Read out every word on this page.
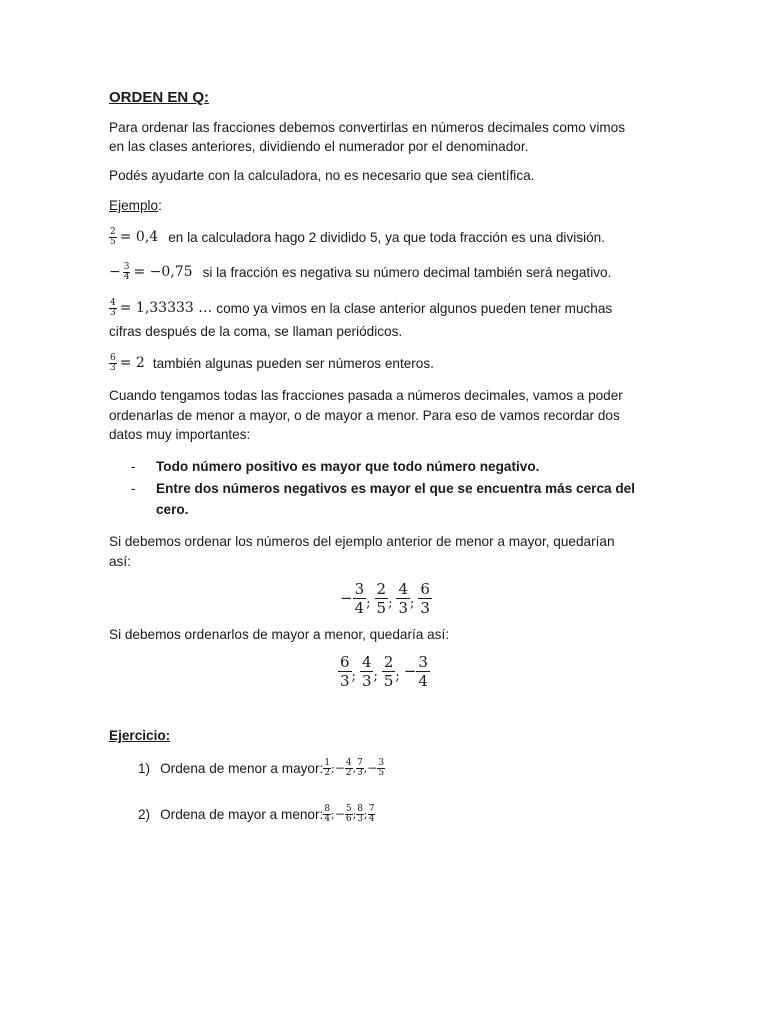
ORDEN EN Q:
Para ordenar las fracciones debemos convertirlas en números decimales como vimos
en las clases anteriores, dividiendo el numerador por el denominador.
Podés ayudarte con la calculadora, no es necesario que sea científica.
Ejemplo:
$\frac{2}{5} = 0,4$ en la calculadora hago 2 dividido 5, ya que toda fracción es una división.
− $\frac{3}{4} = -0,75$ si la fracción es negativa su número decimal también será negativo.
$\frac{4}{3} = 1,33333$ … como ya vimos en la clase anterior algunos pueden tener muchas
cifras después de la coma, se llaman periódicos.
$\frac{6}{3} = 2$ también algunas pueden ser números enteros.
Cuando tengamos todas las fracciones pasada a números decimales, vamos a poder
ordenarlas de menor a mayor, o de mayor a menor. Para eso de vamos recordar dos
datos muy importantes:
- Todo número positivo es mayor que todo número negativo.
- Entre dos números negativos es mayor el que se encuentra más cerca del
cero.
Si debemos ordenar los números del ejemplo anterior de menor a mayor, quedarían
así:
− $\frac{3}{4}$ ; $\frac{2}{5}$ ; $\frac{4}{3}$ ; $\frac{6}{3}$
Si debemos ordenarlos de mayor a menor, quedaría así:
$\frac{6}{3}$ ; $\frac{4}{3}$ ; $\frac{2}{5}$ ; − $\frac{3}{4}$
Ejercicio:
1) Ordena de menor a mayor: $\frac{1}{2}$ ; − $\frac{4}{2}$ , $\frac{7}{3}$ , − $\frac{3}{5}$
2) Ordena de mayor a menor: $\frac{8}{4}$ ; − $\frac{5}{6}$ ; $\frac{8}{3}$ ; $\frac{7}{4}$
